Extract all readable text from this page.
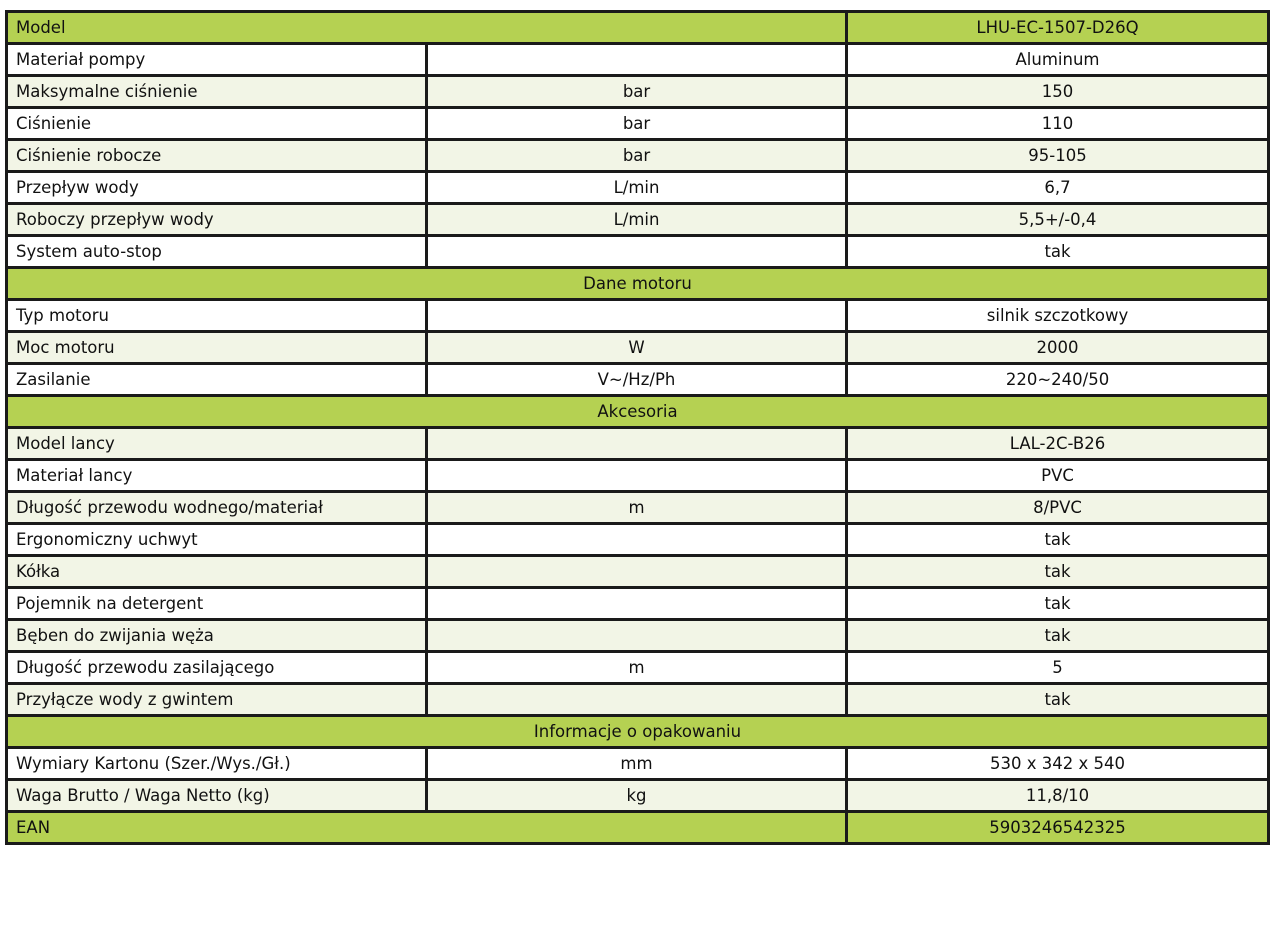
Model		LHU-EC-1507-D26Q
Materiał pompy		Aluminum
Maksymalne ciśnienie	bar	150
Ciśnienie	bar	110
Ciśnienie robocze	bar	95-105
Przepływ wody	L/min	6,7
Roboczy przepływ wody	L/min	5,5+/-0,4
System auto-stop		tak
Dane motoru		
Typ motoru		silnik szczotkowy
Moc motoru	W	2000
Zasilanie	V~/Hz/Ph	220~240/50
Akcesoria		
Model lancy		LAL-2C-B26
Materiał lancy		PVC
Długość przewodu wodnego/materiał	m	8/PVC
Ergonomiczny uchwyt		tak
Kółka		tak
Pojemnik na detergent		tak
Bęben do zwijania węża		tak
Długość przewodu zasilającego	m	5
Przyłącze wody z gwintem		tak
Informacje o opakowaniu		
Wymiary Kartonu (Szer./Wys./Gł.)	mm	530 x 342 x 540
Waga Brutto / Waga Netto (kg)	kg	11,8/10
EAN		5903246542325
